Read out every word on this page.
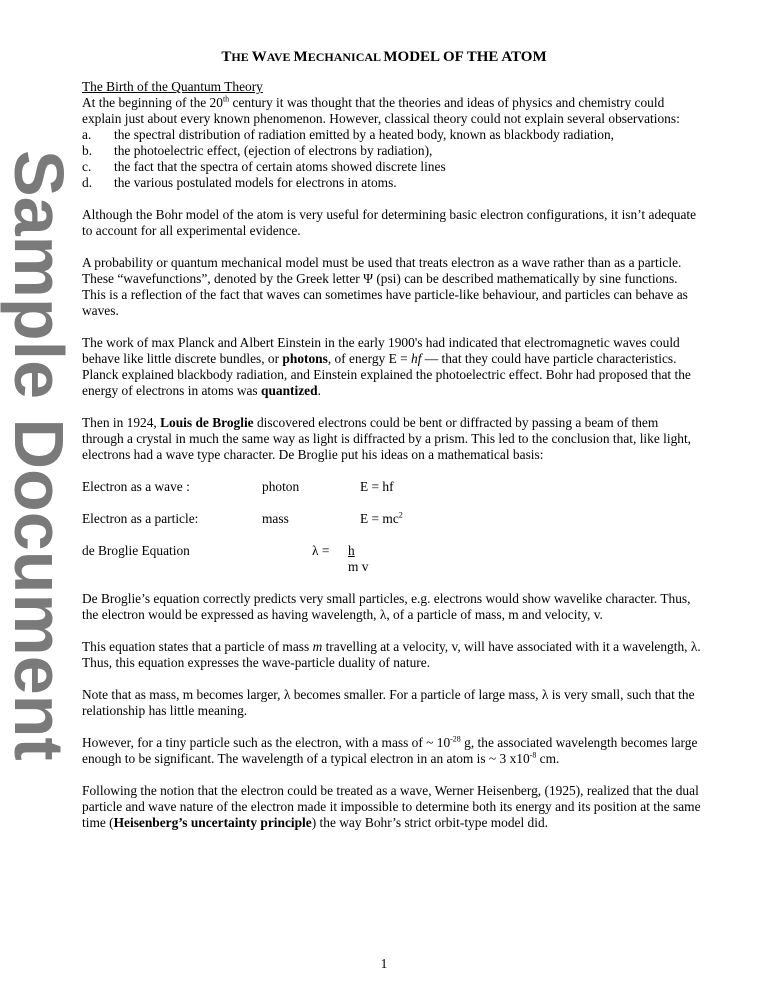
Sample Document
THE WAVE MECHANICAL MODEL OF THE ATOM

The Birth of the Quantum Theory

At the beginning of the 20th century it was thought that the theories and ideas of physics and chemistry could explain just about every known phenomenon. However, classical theory could not explain several observations:

a.	the spectral distribution of radiation emitted by a heated body, known as blackbody radiation,
b.	the photoelectric effect, (ejection of electrons by radiation),
c.	the fact that the spectra of certain atoms showed discrete lines
d.	the various postulated models for electrons in atoms.

Although the Bohr model of the atom is very useful for determining basic electron configurations, it isn’t adequate to account for all experimental evidence.

A probability or quantum mechanical model must be used that treats electron as a wave rather than as a particle. These “wavefunctions”, denoted by the Greek letter Ψ (psi) can be described mathematically by sine functions. This is a reflection of the fact that waves can sometimes have particle-like behaviour, and particles can behave as waves.

The work of max Planck and Albert Einstein in the early 1900's had indicated that electromagnetic waves could behave like little discrete bundles, or photons, of energy E = hf — that they could have particle characteristics. Planck explained blackbody radiation, and Einstein explained the photoelectric effect. Bohr had proposed that the energy of electrons in atoms was quantized.

Then in 1924, Louis de Broglie discovered electrons could be bent or diffracted by passing a beam of them through a crystal in much the same way as light is diffracted by a prism. This led to the conclusion that, like light, electrons had a wave type character. De Broglie put his ideas on a mathematical basis:

Electron as a wave :	photon	E = hf
Electron as a particle:	mass	$E = mc^2$
de Broglie Equation	λ = h
m v

De Broglie’s equation correctly predicts very small particles, e.g. electrons would show wavelike character. Thus, the electron would be expressed as having wavelength, λ, of a particle of mass, m and velocity, v.

This equation states that a particle of mass m travelling at a velocity, v, will have associated with it a wavelength, λ. Thus, this equation expresses the wave-particle duality of nature.

Note that as mass, m becomes larger, λ becomes smaller. For a particle of large mass, λ is very small, such that the relationship has little meaning.

However, for a tiny particle such as the electron, with a mass of ~ $10^{-28}$ g, the associated wavelength becomes large enough to be significant. The wavelength of a typical electron in an atom is ~ 3 $x10^{-8}$ cm.

Following the notion that the electron could be treated as a wave, Werner Heisenberg, (1925), realized that the dual particle and wave nature of the electron made it impossible to determine both its energy and its position at the same time (Heisenberg’s uncertainty principle) the way Bohr’s strict orbit-type model did.

1
